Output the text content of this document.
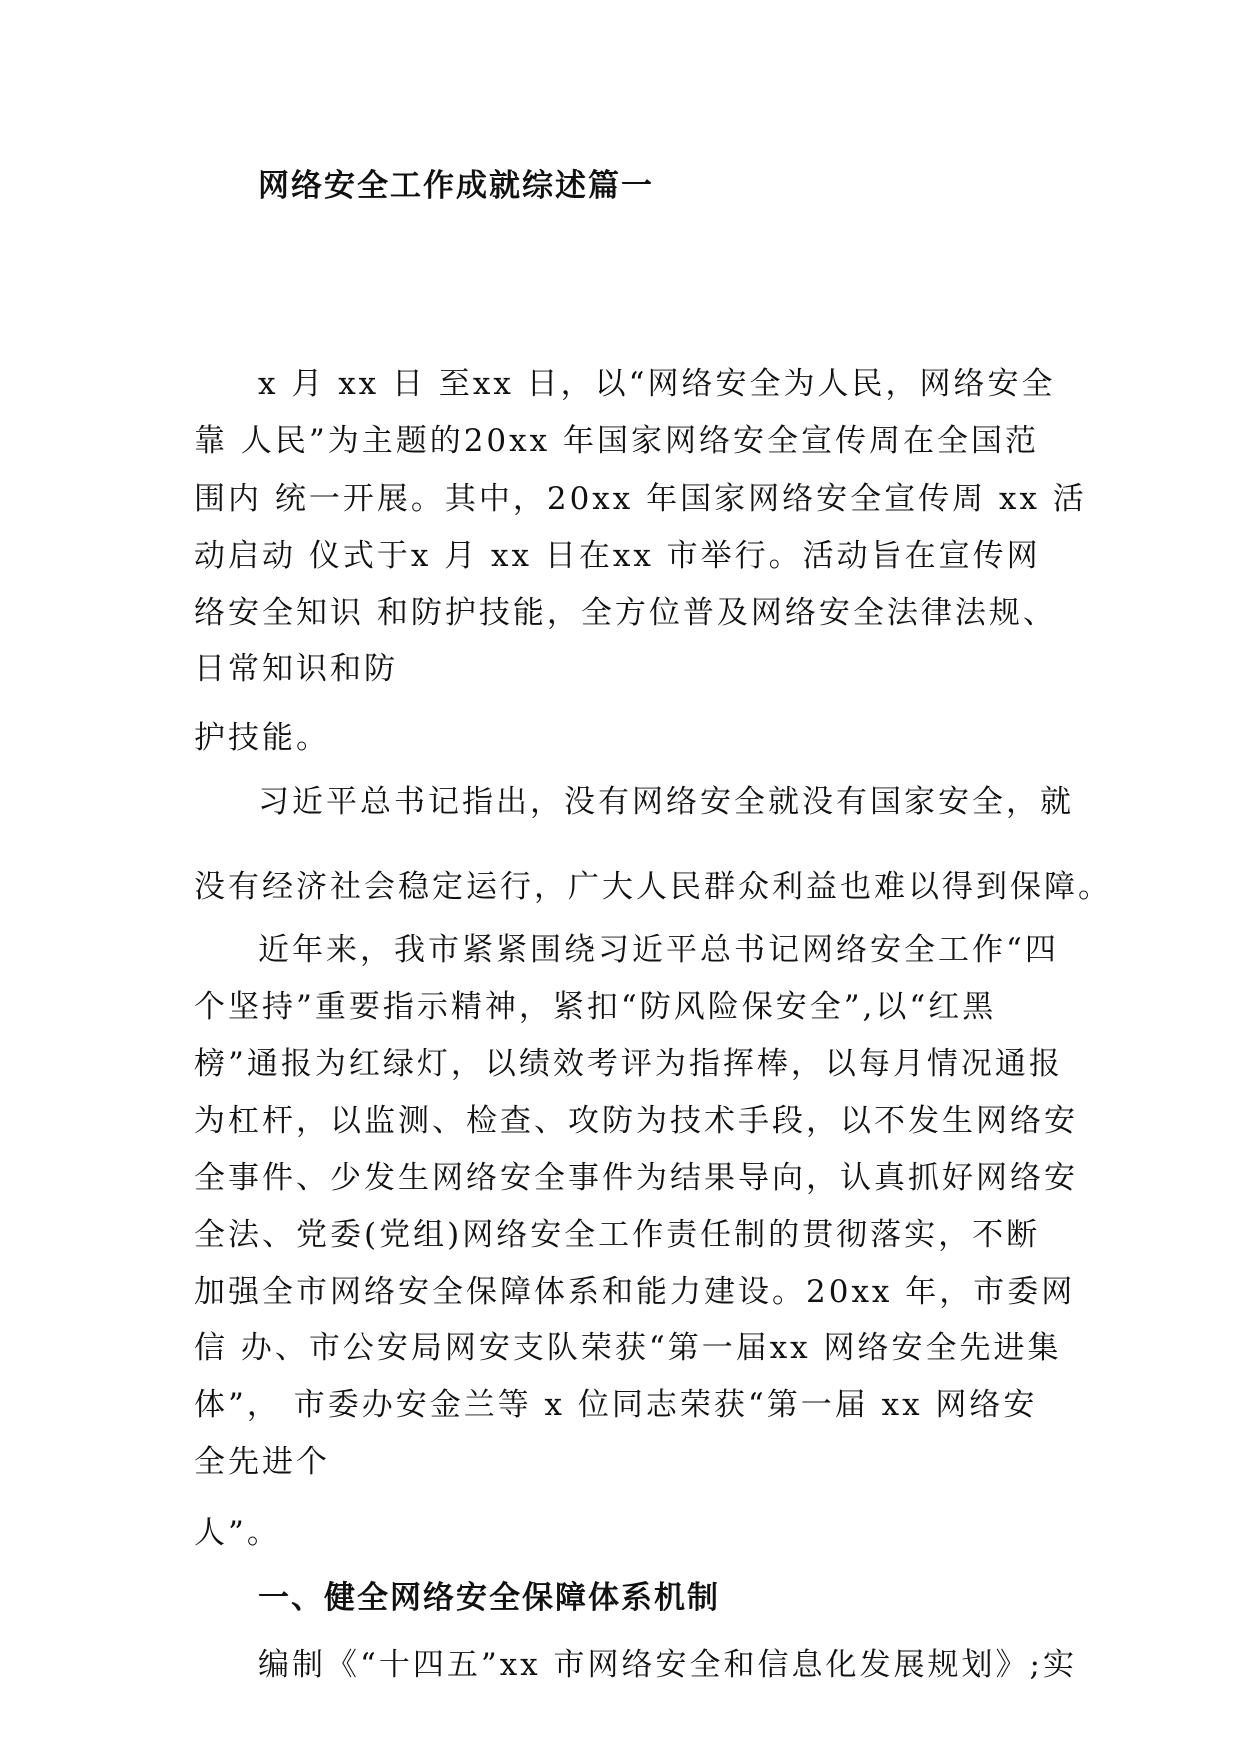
网络安全工作成就综述篇一
x 月 xx 日 至xx 日，以“网络安全为人民，网络安全
靠 人民”为主题的20xx 年国家网络安全宣传周在全国范
围内 统一开展。其中，20xx 年国家网络安全宣传周 xx 活
动启动 仪式于x 月 xx 日在xx 市举行。活动旨在宣传网
络安全知识 和防护技能，全方位普及网络安全法律法规、
日常知识和防
护技能。
习近平总书记指出，没有网络安全就没有国家安全，就
没有经济社会稳定运行，广大人民群众利益也难以得到保障。
近年来，我市紧紧围绕习近平总书记网络安全工作“四
个坚持”重要指示精神，紧扣“防风险保安全”,以“红黑
榜”通报为红绿灯，以绩效考评为指挥棒，以每月情况通报
为杠杆，以监测、检查、攻防为技术手段，以不发生网络安
全事件、少发生网络安全事件为结果导向，认真抓好网络安
全法、党委(党组)网络安全工作责任制的贯彻落实，不断
加强全市网络安全保障体系和能力建设。20xx 年，市委网
信 办、市公安局网安支队荣获“第一届xx 网络安全先进集
体”， 市委办安金兰等 x 位同志荣获“第一届 xx 网络安
全先进个
人”。
一、健全网络安全保障体系机制
编制《“十四五”xx 市网络安全和信息化发展规划》;实
